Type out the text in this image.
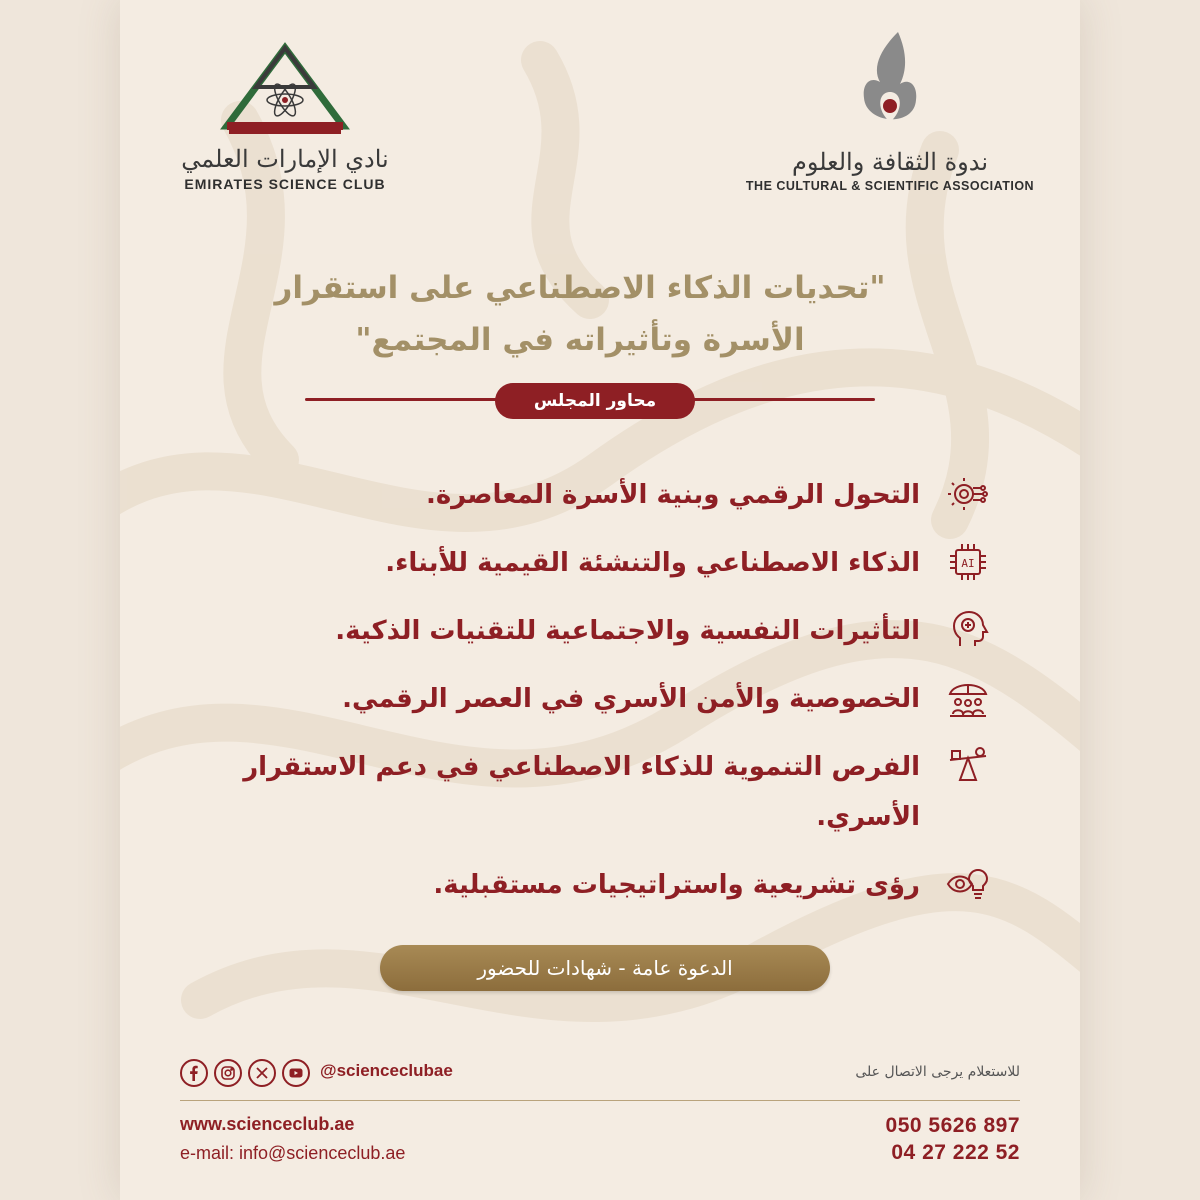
نادي الإمارات العلمي
EMIRATES SCIENCE CLUB
ندوة الثقافة والعلوم
THE CULTURAL & SCIENTIFIC ASSOCIATION
"تحديات الذكاء الاصطناعي على استقرار
الأسرة وتأثيراته في المجتمع"
محاور المجلس
التحول الرقمي وبنية الأسرة المعاصرة.
AI
الذكاء الاصطناعي والتنشئة القيمية للأبناء.
التأثيرات النفسية والاجتماعية للتقنيات الذكية.
الخصوصية والأمن الأسري في العصر الرقمي.
الفرص التنموية للذكاء الاصطناعي في دعم الاستقرار الأسري.
رؤى تشريعية واستراتيجيات مستقبلية.
الدعوة عامة - شهادات للحضور
@scienceclubae	للاستعلام يرجى الاتصال على
www.scienceclub.ae
e-mail: info@scienceclub.ae
050 5626 897
04 27 222 52
